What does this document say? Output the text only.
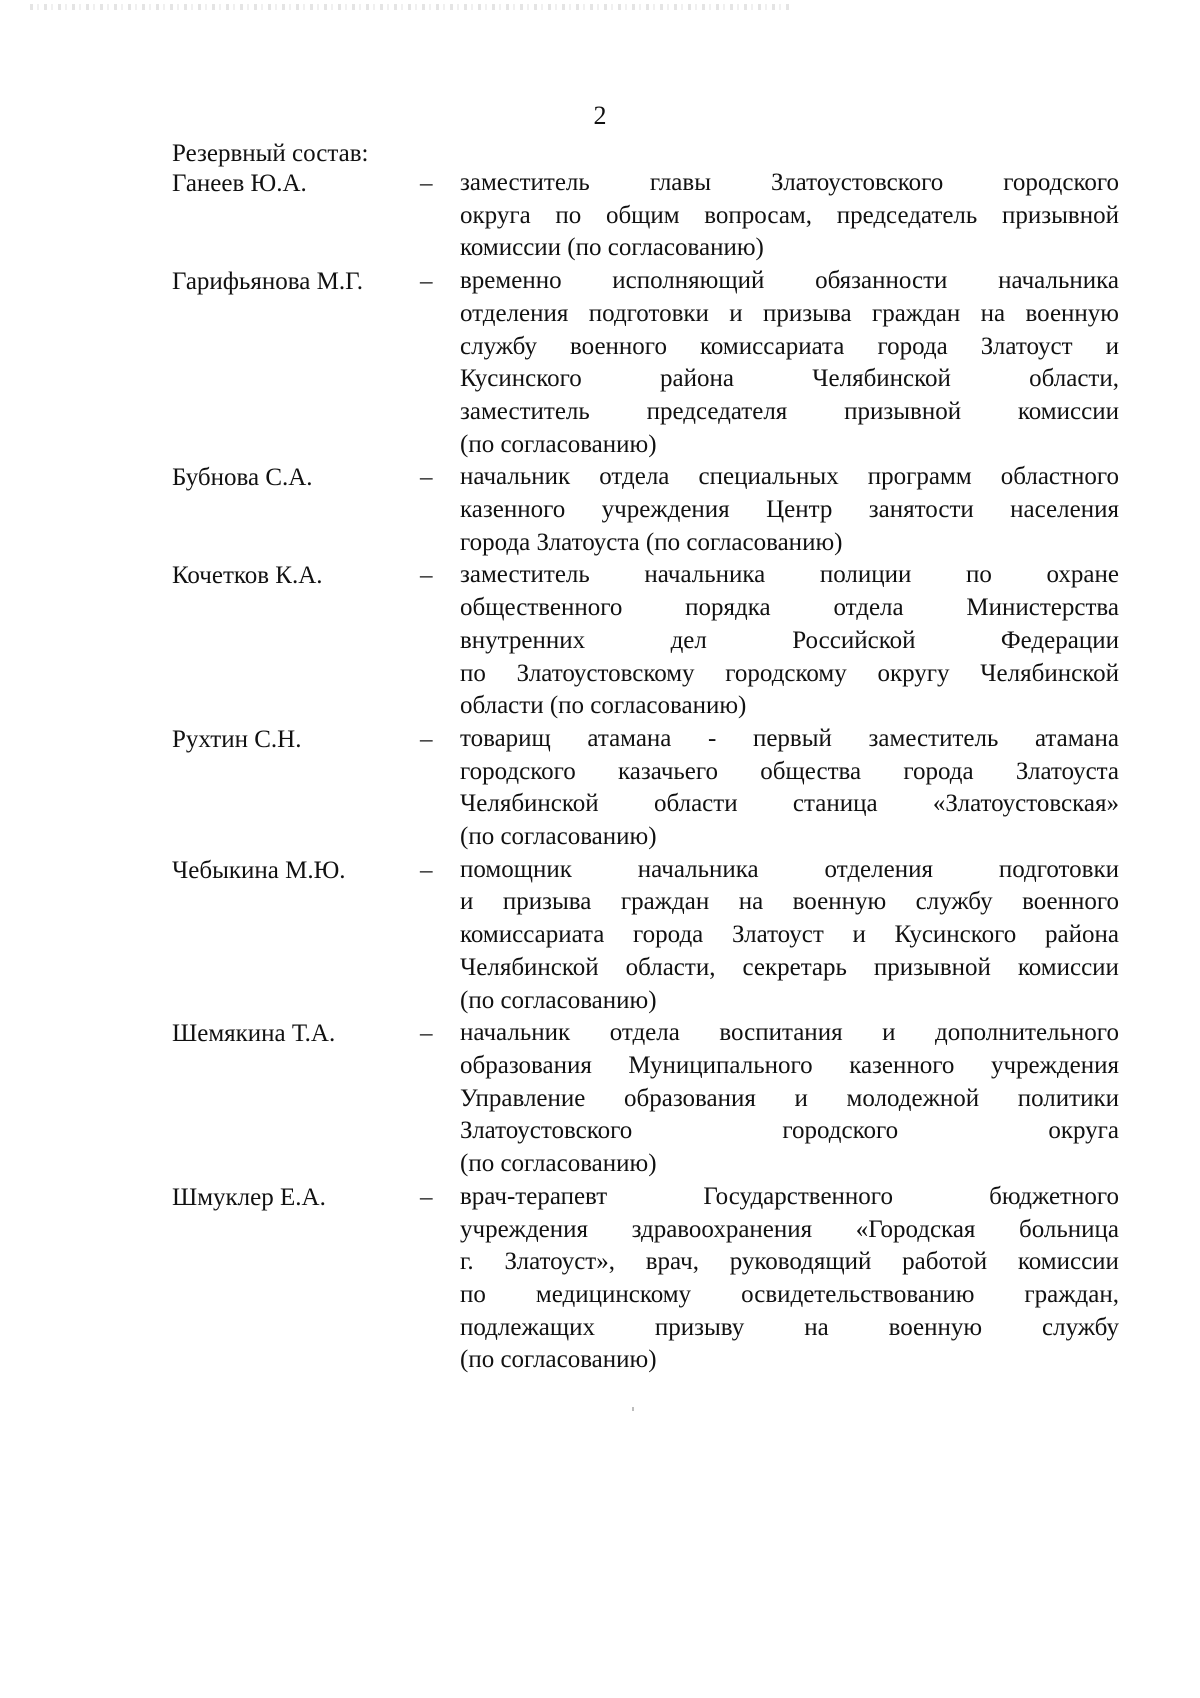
2
Резервный состав:
Ганеев Ю.А.	–	заместитель главы Златоустовского городского
округа по общим вопросам, председатель призывной
комиссии (по согласованию)
Гарифьянова М.Г.	–	временно исполняющий обязанности начальника
отделения подготовки и призыва граждан на военную
службу военного комиссариата города Златоуст и
Кусинского	района	Челябинской	области,
заместитель председателя призывной комиссии
(по согласованию)
Бубнова С.А.	–	начальник отдела специальных программ областного
казенного учреждения Центр занятости населения
города Златоуста (по согласованию)
Кочетков К.А.	–	заместитель начальника полиции по охране
общественного	порядка	отдела	Министерства
внутренних	дел	Российской	Федерации
по Златоустовскому городскому округу Челябинской
области (по согласованию)
Рухтин С.Н.	–	товарищ атамана - первый заместитель атамана
городского казачьего общества города Златоуста
Челябинской области станица «Златоустовская»
(по согласованию)
Чебыкина М.Ю.	–	помощник	начальника	отделения	подготовки
и призыва граждан на военную службу военного
комиссариата города Златоуст и Кусинского района
Челябинской области, секретарь призывной комиссии
(по согласованию)
Шемякина Т.А.	–	начальник отдела воспитания и дополнительного
образования Муниципального казенного учреждения
Управление образования и молодежной политики
Златоустовского	городского	округа
(по согласованию)
Шмуклер Е.А.	–	врач-терапевт	Государственного	бюджетного
учреждения здравоохранения «Городская больница
г. Златоуст», врач, руководящий работой комиссии
по медицинскому освидетельствованию граждан,
подлежащих призыву на военную службу
(по согласованию)
